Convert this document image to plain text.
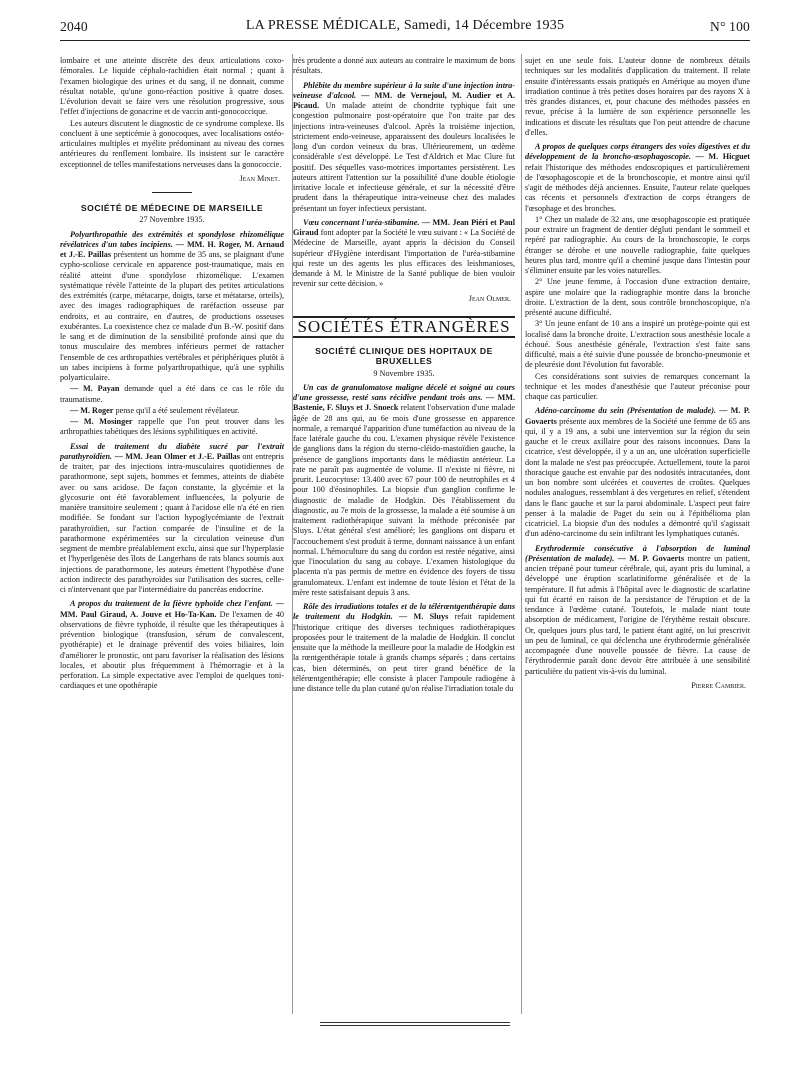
2040	LA PRESSE MÉDICALE, Samedi, 14 Décembre 1935	N° 100

lombaire et une atteinte discrète des deux articulations coxo-fémorales. Le liquide céphalo-rachidien était normal ; quant à l'examen biologique des urines et du sang, il ne donnait, comme résultat notable, qu'une gono-réaction positive à quatre doses. L'évolution devait se faire vers une résolution progressive, sous l'effet d'injections de gonacrine et de vaccin anti-gonococcique.

Les auteurs discutent le diagnostic de ce syndrome complexe. Ils concluent à une septicémie à gonocoques, avec localisations ostéo-articulaires multiples et myélite prédominant au niveau des cornes antérieures du renflement lombaire. Ils insistent sur le caractère exceptionnel de telles manifestations nerveuses dans la gonococcie.

Jean Minet.

SOCIÉTÉ DE MÉDECINE DE MARSEILLE

27 Novembre 1935.

Polyarthropathie des extrémités et spondylose rhizomélique révélatrices d'un tabes incipiens. — MM. H. Roger, M. Arnaud et J.-E. Paillas présentent un homme de 35 ans, se plaignant d'une cypho-scoliose cervicale en apparence post-traumatique, mais en réalité atteint d'une spondylose rhizomélique. L'examen systématique révèle l'atteinte de la plupart des petites articulations des extrémités (carpe, métacarpe, doigts, tarse et métatarse, orteils), avec des images radiographiques de raréfaction osseuse par endroits, et au contraire, en d'autres, de productions osseuses exubérantes. La coexistence chez ce malade d'un B.-W. positif dans le sang et de diminution de la sensibilité profonde ainsi que du tonus musculaire des membres inférieurs permet de rattacher l'ensemble de ces arthropathies vertébrales et périphériques plutôt à un tabes incipiens à forme polyarthropathique, qu'à une syphilis polyarticulaire.

— M. Payan demande quel a été dans ce cas le rôle du traumatisme.

— M. Roger pense qu'il a été seulement révélateur.

— M. Mosinger rappelle que l'on peut trouver dans les arthropathies tabétiques des lésions syphilitiques en activité.

Essai de traitement du diabète sucré par l'extrait parathyroïdien. — MM. Jean Olmer et J.-E. Paillas ont entrepris de traiter, par des injections intra-musculaires quotidiennes de parathormone, sept sujets, hommes et femmes, atteints de diabète avec ou sans acidose. De façon constante, la glycémie et la glycosurie ont été favorablement influencées, la polyurie de manière transitoire seulement ; quant à l'acidose elle n'a été en rien modifiée. Se fondant sur l'action hypoglycémiante de l'extrait parathyroïdien, sur l'action comparée de l'insuline et de la parathormone expérimentées sur la circulation veineuse d'un segment de membre préalablement exclu, ainsi que sur l'hyperplasie et l'hyperlgenèse des îlots de Langerhans de rats blancs soumis aux injections de parathormone, les auteurs émettent l'hypothèse d'une action indirecte des parathyroïdes sur l'utilisation des sucres, celle-ci n'intervenant que par l'intermédiaire du pancréas endocrine.

A propos du traitement de la fièvre typhoïde chez l'enfant. — MM. Paul Giraud, A. Jouve et Ho-Ta-Kan. De l'examen de 40 observations de fièvre typhoïde, il résulte que les thérapeutiques à prévention biologique (transfusion, sérum de convalescent, pyothérapie) et le drainage préventif des voies biliaires, loin d'améliorer le pronostic, ont paru favoriser la réalisation des lésions locales, et aboutir plus fréquemment à l'hémorragie et à la perforation. La simple expectative avec l'emploi de quelques toni-cardiaques et une opothérapie

très prudente a donné aux auteurs au contraire le maximum de bons résultats.

Phlébite du membre supérieur à la suite d'une injection intra-veineuse d'alcool. — MM. de Vernejoul, M. Audier et A. Picaud. Un malade atteint de chondrite typhique fait une congestion pulmonaire post-opératoire que l'on traite par des injections intra-veineuses d'alcool. Après la troisième injection, strictement endo-veineuse, apparaissent des douleurs localisées le long d'un cordon veineux du bras. Ultérieurement, un œdème considérable s'est développé. Le Test d'Aldrich et Mac Clure fut positif. Des séquelles vaso-motrices importantes persistèrent. Les auteurs attirent l'attention sur la possibilité d'une double étiologie irritative locale et infectieuse générale, et sur la nécessité d'être prudent dans la thérapeutique intra-veineuse chez des malades présentant un foyer infectieux persistant.

Vœu concernant l'uréa-stibamine. — MM. Jean Piéri et Paul Giraud font adopter par la Société le vœu suivant : « La Société de Médecine de Marseille, ayant appris la décision du Conseil supérieur d'Hygiène interdisant l'importation de l'uréa-stibamine qui reste un des agents les plus efficaces des leishmanioses, demande à M. le Ministre de la Santé publique de bien vouloir revenir sur cette décision. »

Jean Olmer.

SOCIÉTÉS ÉTRANGÈRES

SOCIÉTÉ CLINIQUE DES HOPITAUX DE BRUXELLES

9 Novembre 1935.

Un cas de granulomatose maligne décelé et soigné au cours d'une grossesse, resté sans récidive pendant trois ans. — MM. Bastenie, F. Sluys et J. Snoeck relatent l'observation d'une malade âgée de 28 ans qui, au 6e mois d'une grossesse en apparence normale, a remarqué l'apparition d'une tuméfaction au niveau de la face latérale gauche du cou. L'examen physique révèle l'existence de ganglions dans la région du sterno-cléido-mastoïdien gauche, la présence de ganglions importants dans le médiastin antérieur. La rate ne paraît pas augmentée de volume. Il n'existe ni fièvre, ni prurit. Leucocytose: 13.400 avec 67 pour 100 de neutrophiles et 4 pour 100 d'éosinophiles. La biopsie d'un ganglion confirme le diagnostic de maladie de Hodgkin. Dès l'établissement du diagnostic, au 7e mois de la grossesse, la malade a été soumise à un traitement radiothérapique suivant la méthode préconisée par Sluys. L'état général s'est amélioré; les ganglions ont disparu et l'accouchement s'est produit à terme, donnant naissance à un enfant normal. L'hémoculture du sang du cordon est restée négative, ainsi que l'inoculation du sang au cobaye. L'examen histologique du placenta n'a pas permis de mettre en évidence des foyers de tissu granulomateux. L'enfant est indemne de toute lésion et l'état de la mère reste satisfaisant depuis 3 ans.

Rôle des irradiations totales et de la télérœntgenthérapie dans le traitement du Hodgkin. — M. Sluys refait rapidement l'historique critique des diverses techniques radiothérapiques proposées pour le traitement de la maladie de Hodgkin. Il conclut ensuite que la méthode la meilleure pour la maladie de Hodgkin est la rœntgenthérapie totale à grands champs séparés ; dans certains cas, bien déterminés, on peut tirer grand bénéfice de la télérœntgenthérapie; elle consiste à placer l'ampoule radiogène à une distance telle du plan cutané qu'on réalise l'irradiation totale du

sujet en une seule fois. L'auteur donne de nombreux détails techniques sur les modalités d'application du traitement. Il relate ensuite d'intéressants essais pratiqués en Amérique au moyen d'une irradiation continue à très petites doses horaires par des rayons X à très grandes distances, et, pour chacune des méthodes passées en revue, précise à la lumière de son expérience personnelle les indications et discute les résultats que l'on peut attendre de chacune d'elles.

A propos de quelques corps étrangers des voies digestives et du développement de la broncho-œsophagoscopie. — M. Hicguet refait l'historique des méthodes endoscopiques et particulièrement de l'œsophagoscopie et de la bronchoscopie, et montre ainsi qu'il s'agit de méthodes déjà anciennes. Ensuite, l'auteur relate quelques cas récents et personnels d'extraction de corps étrangers de l'œsophage et des bronches.

1° Chez un malade de 32 ans, une œsophagoscopie est pratiquée pour extraire un fragment de dentier dégluti pendant le sommeil et repéré par radiographie. Au cours de la bronchoscopie, le corps étranger se dérobe et une nouvelle radiographie, faite quelques heures plus tard, montre qu'il a cheminé jusque dans l'intestin pour s'éliminer ensuite par les voies naturelles.

2° Une jeune femme, à l'occasion d'une extraction dentaire, aspire une molaire que la radiographie montre dans la bronche droite. L'extraction de la dent, sous contrôle bronchoscopique, n'a présenté aucune difficulté.

3° Un jeune enfant de 10 ans a inspiré un protège-pointe qui est localisé dans la bronche droite. L'extraction sous anesthésie locale a échoué. Sous anesthésie générale, l'extraction s'est faite sans difficulté, mais a été suivie d'une poussée de broncho-pneumonie et de pleurésie dont l'évolution fut favorable.

Ces considérations sont suivies de remarques concernant la technique et les modes d'anesthésie que l'auteur préconise pour chaque cas particulier.

Adéno-carcinome du sein (Présentation de malade). — M. P. Govaerts présente aux membres de la Société une femme de 65 ans qui, il y a 19 ans, a subi une intervention sur la région du sein gauche et le creux axillaire pour des raisons inconnues. Dans la cicatrice, s'est développée, il y a un an, une ulcération superficielle dont la malade ne s'est pas préoccupée. Actuellement, toute la paroi thoracique gauche est envahie par des nodosités intracutanées, dont un bon nombre sont ulcérées et couvertes de croûtes. Quelques nodules analogues, ressemblant à des vergetures en relief, s'étendent dans le flanc gauche et sur la paroi abdominale. L'aspect peut faire penser à la maladie de Paget du sein ou à l'épithélioma plan cicatriciel. La biopsie d'un des nodules a démontré qu'il s'agissait d'un adéno-carcinome du sein infiltrant les lymphatiques cutanés.

Erythrodermie consécutive à l'absorption de luminal (Présentation de malade). — M. P. Govaerts montre un patient, ancien trépané pour tumeur cérébrale, qui, ayant pris du luminal, a développé une éruption scarlatiniforme généralisée et de la température. Il fut admis à l'hôpital avec le diagnostic de scarlatine qui fut écarté en raison de la persistance de l'éruption et de la tendance à l'œdème cutané. Toutefois, le malade niant toute absorption de médicament, l'origine de l'érythème restait obscure. Or, quelques jours plus tard, le patient étant agité, on lui prescrivit un peu de luminal, ce qui déclencha une érythrodermie généralisée accompagnée d'une nouvelle poussée de fièvre. La cause de l'érythrodermie paraît donc devoir être attribuée à une sensibilité particulière du patient vis-à-vis du luminal.

Pierre Cambier.
